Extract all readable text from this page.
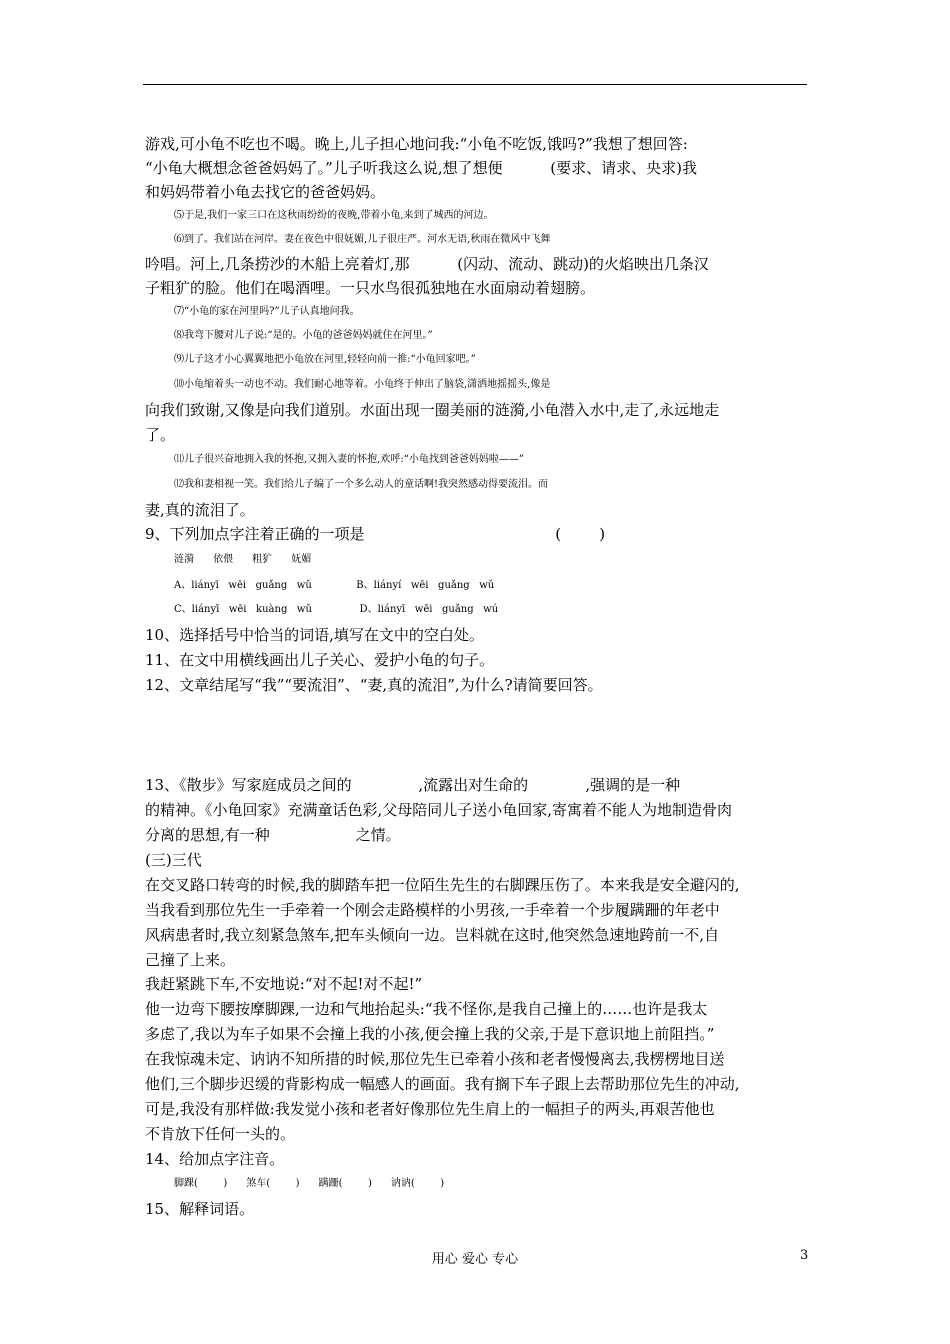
游戏,可小龟不吃也不喝。晚上,儿子担心地问我:“小龟不吃饭,饿吗?”我想了想回答:
“小龟大概想念爸爸妈妈了。”儿子听我这么说,想了想便          (要求、请求、央求)我
和妈妈带着小龟去找它的爸爸妈妈。
⑸于是,我们一家三口在这秋雨纷纷的夜晚,带着小龟,来到了城西的河边。
⑹到了。我们站在河岸。妻在夜色中很妩媚,儿子很庄严。河水无语,秋雨在微风中飞舞
吟唱。河上,几条捞沙的木船上亮着灯,那          (闪动、流动、跳动)的火焰映出几条汉
子粗犷的脸。他们在喝酒哩。一只水鸟很孤独地在水面扇动着翅膀。
⑺“小龟的家在河里吗?”儿子认真地问我。
⑻我弯下腰对儿子说:“是的。小龟的爸爸妈妈就住在河里。”
⑼儿子这才小心翼翼地把小龟放在河里,轻轻向前一推:“小龟回家吧。”
⑽小龟缩着头一动也不动。我们耐心地等着。小龟终于伸出了脑袋,潇洒地摇摇头,像是
向我们致谢,又像是向我们道别。水面出现一圈美丽的涟漪,小龟潜入水中,走了,永远地走
了。
⑾儿子很兴奋地拥入我的怀抱,又拥入妻的怀抱,欢呼:“小龟找到爸爸妈妈啦——”
⑿我和妻相视一笑。我们给儿子编了一个多么动人的童话啊!我突然感动得要流泪。而
妻,真的流泪了。
9、下列加点字注着正确的一项是                                        (        )
涟漪      依偎      粗犷      妩媚
A、liányī   wēi   guǎng   wǔ              B、liányí   wēi   guǎng   wǔ
C、liányī   wēi   kuàng   wǔ               D、liányī   wēi   guǎng   wú
10、选择括号中恰当的词语,填写在文中的空白处。
11、在文中用横线画出儿子关心、爱护小龟的句子。
12、文章结尾写“我”“要流泪”、“妻,真的流泪”,为什么?请简要回答。
13、《散步》写家庭成员之间的              ,流露出对生命的            ,强调的是一种
的精神。《小龟回家》充满童话色彩,父母陪同儿子送小龟回家,寄寓着不能人为地制造骨肉
分离的思想,有一种                  之情。
(三)三代
在交叉路口转弯的时候,我的脚踏车把一位陌生先生的右脚踝压伤了。本来我是安全避闪的,
当我看到那位先生一手牵着一个刚会走路模样的小男孩,一手牵着一个步履蹒跚的年老中
风病患者时,我立刻紧急煞车,把车头倾向一边。岂料就在这时,他突然急速地跨前一不,自
己撞了上来。
我赶紧跳下车,不安地说:“对不起!对不起!”
他一边弯下腰按摩脚踝,一边和气地抬起头:“我不怪你,是我自己撞上的……也许是我太
多虑了,我以为车子如果不会撞上我的小孩,便会撞上我的父亲,于是下意识地上前阻挡。”
在我惊魂未定、讷讷不知所措的时候,那位先生已牵着小孩和老者慢慢离去,我楞楞地目送
他们,三个脚步迟缓的背影构成一幅感人的画面。我有搁下车子跟上去帮助那位先生的冲动,
可是,我没有那样做:我发觉小孩和老者好像那位先生肩上的一幅担子的两头,再艰苦他也
不肯放下任何一头的。
14、给加点字注音。
脚踝(        )      煞车(        )      蹒跚(        )      讷讷(        )
15、解释词语。
用心 爱心 专心	3
